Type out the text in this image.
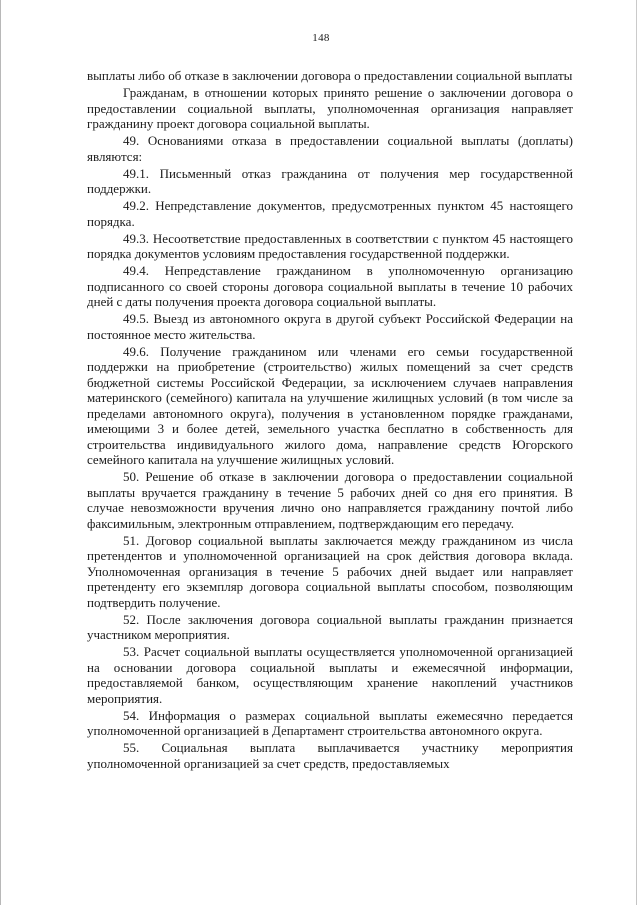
148

выплаты либо об отказе в заключении договора о предоставлении социальной выплаты

Гражданам, в отношении которых принято решение о заключении договора о предоставлении социальной выплаты, уполномоченная организация направляет гражданину проект договора социальной выплаты.

49. Основаниями отказа в предоставлении социальной выплаты (доплаты) являются:

49.1. Письменный отказ гражданина от получения мер государственной поддержки.

49.2. Непредставление документов, предусмотренных пунктом 45 настоящего порядка.

49.3. Несоответствие предоставленных в соответствии с пунктом 45 настоящего порядка документов условиям предоставления государственной поддержки.

49.4. Непредставление гражданином в уполномоченную организацию подписанного со своей стороны договора социальной выплаты в течение 10 рабочих дней с даты получения проекта договора социальной выплаты.

49.5. Выезд из автономного округа в другой субъект Российской Федерации на постоянное место жительства.

49.6. Получение гражданином или членами его семьи государственной поддержки на приобретение (строительство) жилых помещений за счет средств бюджетной системы Российской Федерации, за исключением случаев направления материнского (семейного) капитала на улучшение жилищных условий (в том числе за пределами автономного округа), получения в установленном порядке гражданами, имеющими 3 и более детей, земельного участка бесплатно в собственность для строительства индивидуального жилого дома, направление средств Югорского семейного капитала на улучшение жилищных условий.

50. Решение об отказе в заключении договора о предоставлении социальной выплаты вручается гражданину в течение 5 рабочих дней со дня его принятия. В случае невозможности вручения лично оно направляется гражданину почтой либо факсимильным, электронным отправлением, подтверждающим его передачу.

51. Договор социальной выплаты заключается между гражданином из числа претендентов и уполномоченной организацией на срок действия договора вклада. Уполномоченная организация в течение 5 рабочих дней выдает или направляет претенденту его экземпляр договора социальной выплаты способом, позволяющим подтвердить получение.

52. После заключения договора социальной выплаты гражданин признается участником мероприятия.

53. Расчет социальной выплаты осуществляется уполномоченной организацией на основании договора социальной выплаты и ежемесячной информации, предоставляемой банком, осуществляющим хранение накоплений участников мероприятия.

54. Информация о размерах социальной выплаты ежемесячно передается уполномоченной организацией в Департамент строительства автономного округа.

55. Социальная выплата выплачивается участнику мероприятия уполномоченной организацией за счет средств, предоставляемых
